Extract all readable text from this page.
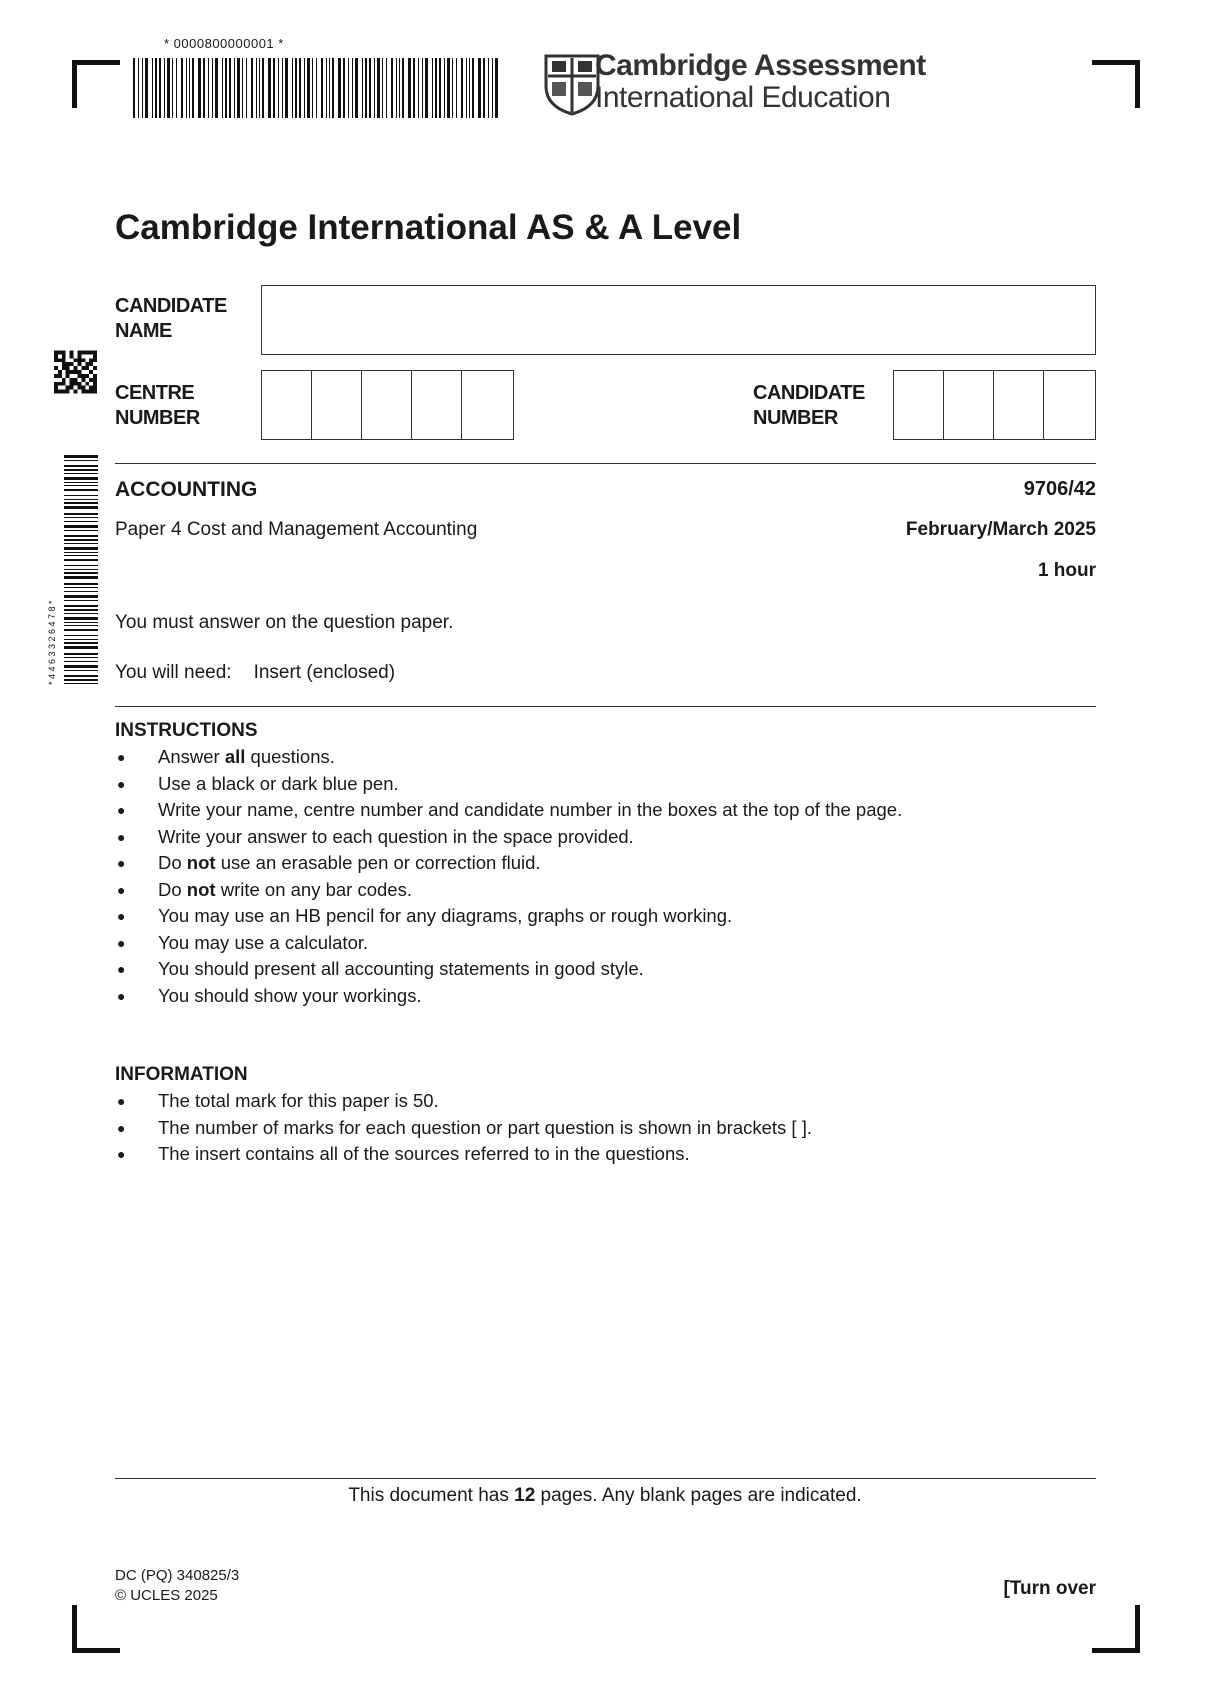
* 0000800000001 *
Cambridge Assessment
International Education
Cambridge International AS & A Level
CANDIDATE
NAME
CENTRE
NUMBER
CANDIDATE
NUMBER
* 4 4 6 3 3 2 6 4 7 8 *
ACCOUNTING	9706/42
Paper 4 Cost and Management Accounting	February/March 2025
1 hour
You must answer on the question paper.
You will need: Insert (enclosed)
INSTRUCTIONS
● Answer all questions.
● Use a black or dark blue pen.
● Write your name, centre number and candidate number in the boxes at the top of the page.
● Write your answer to each question in the space provided.
● Do not use an erasable pen or correction fluid.
● Do not write on any bar codes.
● You may use an HB pencil for any diagrams, graphs or rough working.
● You may use a calculator.
● You should present all accounting statements in good style.
● You should show your workings.
INFORMATION
● The total mark for this paper is 50.
● The number of marks for each question or part question is shown in brackets [ ].
● The insert contains all of the sources referred to in the questions.
This document has 12 pages. Any blank pages are indicated.
DC (PQ) 340825/3
© UCLES 2025	[Turn over
